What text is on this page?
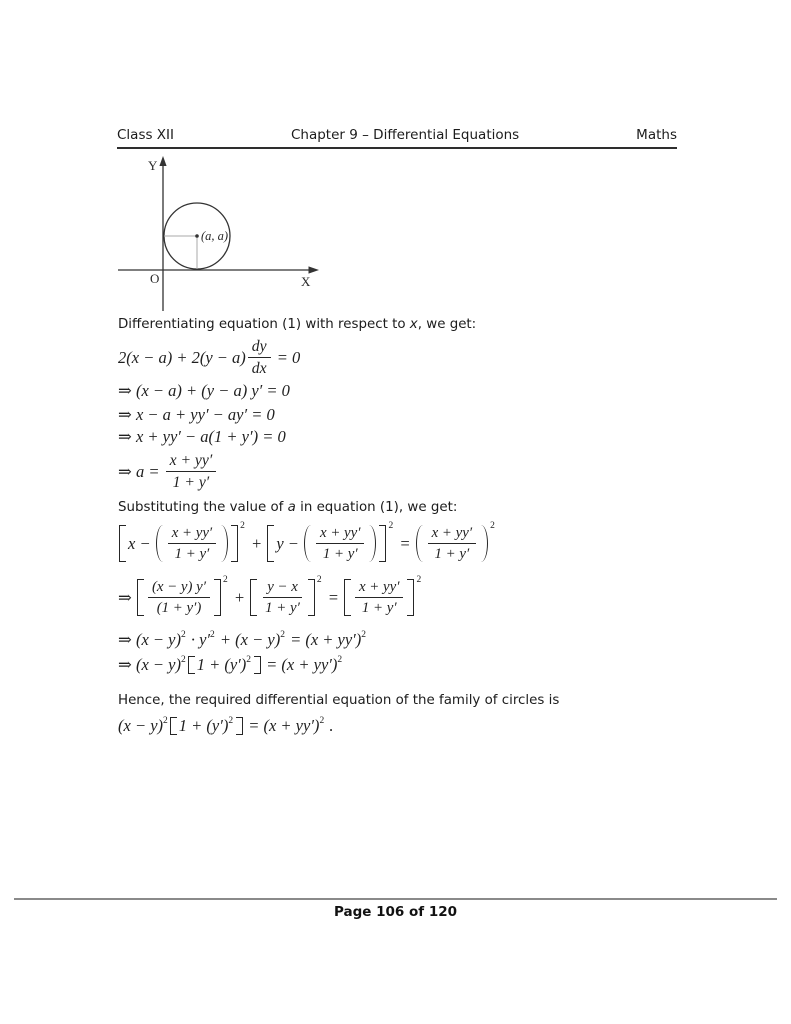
Class XII	Chapter 9 – Differential Equations	Maths
Y
O	X
(a, a)
Differentiating equation (1) with respect to x, we get:
$2(x - a) + 2(y - a) \frac{dy}{dx} = 0$
⇒ (x − a) + (y − a) y′ = 0
⇒ x − a + yy′ − ay′ = 0
⇒ x + yy′ − a(1 + y′) = 0
⇒ $a = \frac{x + yy'}{1 + y'}$
Substituting the value of a in equation (1), we get:
$x - \frac{x + yy'}{1 + y'}$	$^2$
+ $y - \frac{x + yy'}{1 + y'}$	$^2$
= $\frac{x + yy'}{1 + y'} ^2$
⇒ $\frac{(x - y) y'}{(1 + y')} ^2$
+ $\frac{y - x}{1 + y'} ^2$
= $\frac{x + yy'}{1 + y'} ^2$
⇒ $(x - y)^2 \cdot y'^2 + (x - y)^2 = (x + yy')^2$
⇒ $(x - y)^2$ $1 + (y')^2 = (x + yy')^2$
Hence, the required differential equation of the family of circles is
$(x - y)^2$ $1 + (y')^2 = (x + yy')^2$ .
Page 106 of 120
